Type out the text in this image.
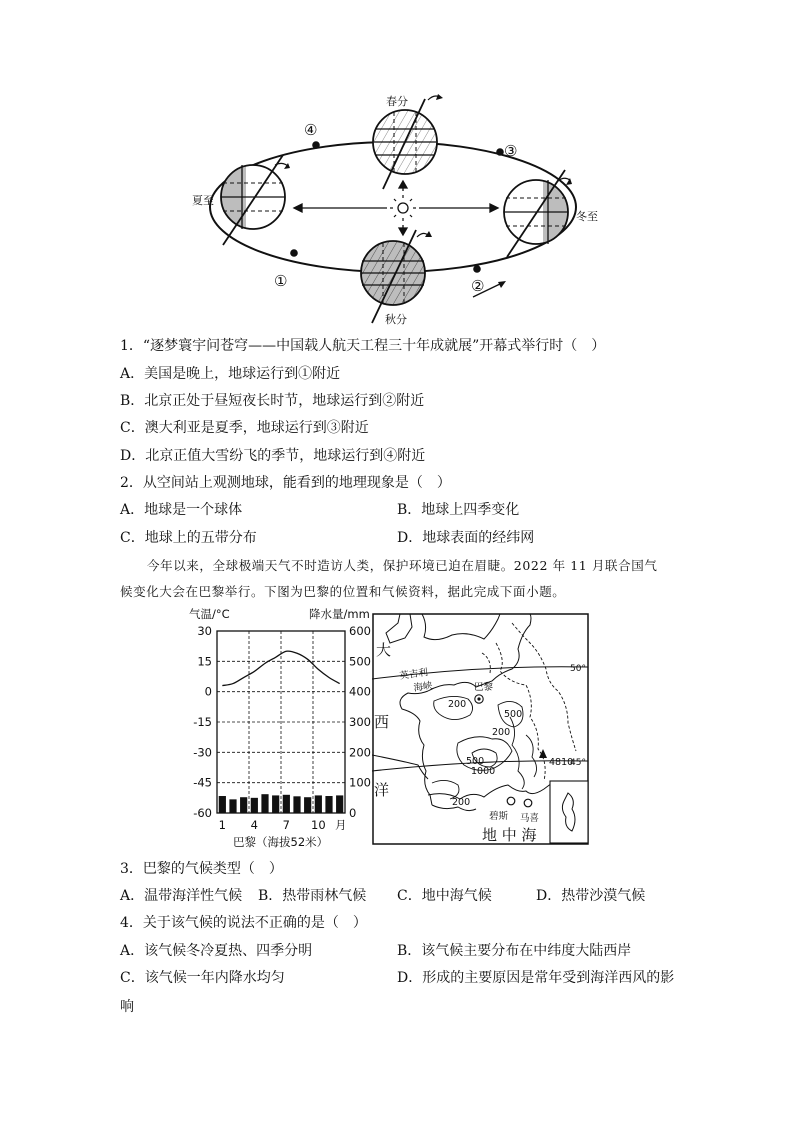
春分
夏至
冬至
秋分
④
③
①	②
1．“逐梦寰宇问苍穹——中国载人航天工程三十年成就展”开幕式举行时（　）
A．美国是晚上，地球运行到①附近
B．北京正处于昼短夜长时节，地球运行到②附近
C．澳大利亚是夏季，地球运行到③附近
D．北京正值大雪纷飞的季节，地球运行到④附近
2．从空间站上观测地球，能看到的地理现象是（　）
A．地球是一个球体	B．地球上四季变化
C．地球上的五带分布	D．地球表面的经纬网
今年以来，全球极端天气不时造访人类，保护环境已迫在眉睫。2022 年 11 月联合国气
候变化大会在巴黎举行。下图为巴黎的位置和气候资料，据此完成下面小题。
气温/°C	降水量/mm
30	600
15	500
0	400
-15	300
-30	200
-45	100
-60	0
1 4 7 10 月
巴黎（海拔52米）
大
西
洋
英吉利
海峡	巴黎
50°
45°
200
500
200
500
1000
200
4810
碧斯 马喜
地 中 海
3．巴黎的气候类型（　）
A．温带海洋性气候 B．热带雨林气候 C．地中海气候	D．热带沙漠气候
4．关于该气候的说法不正确的是（　）
A．该气候冬冷夏热、四季分明	B．该气候主要分布在中纬度大陆西岸
C．该气候一年内降水均匀	D．形成的主要原因是常年受到海洋西风的影
响
